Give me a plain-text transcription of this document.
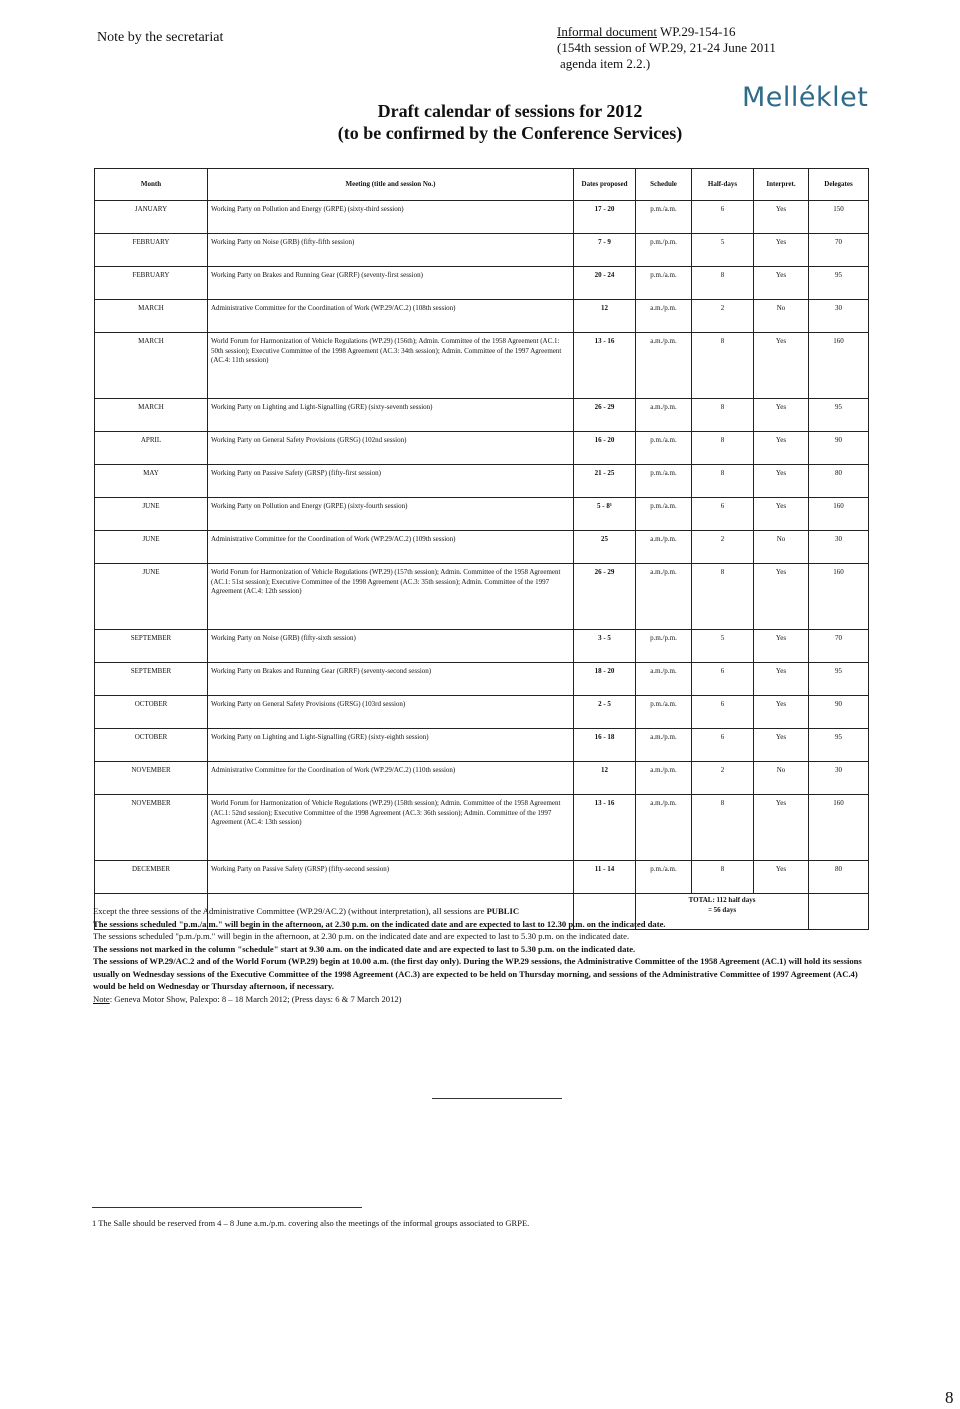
Note by the secretariat	Informal document WP.29-154-16
(154th session of WP.29, 21-24 June 2011
agenda item 2.2.)
Melléklet
Draft calendar of sessions for 2012
(to be confirmed by the Conference Services)
Month	Meeting (title and session No.)	Dates proposed	Schedule	Half-days	Interpret.	Delegates
JANUARY	Working Party on Pollution and Energy (GRPE) (sixty-third session)	17 - 20	p.m./a.m.	6	Yes	150
FEBRUARY	Working Party on Noise (GRB) (fifty-fifth session)	7 - 9	p.m./p.m.	5	Yes	70
FEBRUARY	Working Party on Brakes and Running Gear (GRRF) (seventy-first session)	20 - 24	p.m./a.m.	8	Yes	95
MARCH	Administrative Committee for the Coordination of Work (WP.29/AC.2) (108th session)	12	a.m./p.m.	2	No	30
MARCH	World Forum for Harmonization of Vehicle Regulations (WP.29) (156th); Admin. Committee of the 1958 Agreement (AC.1: 50th session); Executive Committee of the 1998 Agreement (AC.3: 34th session); Admin. Committee of the 1997 Agreement (AC.4: 11th session)	13 - 16	a.m./p.m.	8	Yes	160
MARCH	Working Party on Lighting and Light-Signalling (GRE) (sixty-seventh session)	26 - 29	a.m./p.m.	8	Yes	95
APRIL	Working Party on General Safety Provisions (GRSG) (102nd session)	16 - 20	p.m./a.m.	8	Yes	90
MAY	Working Party on Passive Safety (GRSP) (fifty-first session)	21 - 25	p.m./a.m.	8	Yes	80
JUNE	Working Party on Pollution and Energy (GRPE) (sixty-fourth session)	5 - 8¹	p.m./a.m.	6	Yes	160
JUNE	Administrative Committee for the Coordination of Work (WP.29/AC.2) (109th session)	25	a.m./p.m.	2	No	30
JUNE	World Forum for Harmonization of Vehicle Regulations (WP.29) (157th session); Admin. Committee of the 1958 Agreement (AC.1: 51st session); Executive Committee of the 1998 Agreement (AC.3: 35th session); Admin. Committee of the 1997 Agreement (AC.4: 12th session)	26 - 29	a.m./p.m.	8	Yes	160
SEPTEMBER	Working Party on Noise (GRB) (fifty-sixth session)	3 - 5	p.m./p.m.	5	Yes	70
SEPTEMBER	Working Party on Brakes and Running Gear (GRRF) (seventy-second session)	18 - 20	a.m./p.m.	6	Yes	95
OCTOBER	Working Party on General Safety Provisions (GRSG) (103rd session)	2 - 5	p.m./a.m.	6	Yes	90
OCTOBER	Working Party on Lighting and Light-Signalling (GRE) (sixty-eighth session)	16 - 18	a.m./p.m.	6	Yes	95
NOVEMBER	Administrative Committee for the Coordination of Work (WP.29/AC.2) (110th session)	12	a.m./p.m.	2	No	30
NOVEMBER	World Forum for Harmonization of Vehicle Regulations (WP.29) (158th session); Admin. Committee of the 1958 Agreement (AC.1: 52nd session); Executive Committee of the 1998 Agreement (AC.3: 36th session); Admin. Committee of the 1997 Agreement (AC.4: 13th session)	13 - 16	a.m./p.m.	8	Yes	160
DECEMBER	Working Party on Passive Safety (GRSP) (fifty-second session)	11 - 14	p.m./a.m.	8	Yes	80

			TOTAL: 112 half days
= 56 days			

Except the three sessions of the Administrative Committee (WP.29/AC.2) (without interpretation), all sessions are PUBLIC

The sessions scheduled "p.m./a.m." will begin in the afternoon, at 2.30 p.m. on the indicated date and are expected to last to 12.30 p.m. on the indicated date.

The sessions scheduled "p.m./p.m." will begin in the afternoon, at 2.30 p.m. on the indicated date and are expected to last to 5.30 p.m. on the indicated date.

The sessions not marked in the column "schedule" start at 9.30 a.m. on the indicated date and are expected to last to 5.30 p.m. on the indicated date.

The sessions of WP.29/AC.2 and of the World Forum (WP.29) begin at 10.00 a.m. (the first day only). During the WP.29 sessions, the Administrative Committee of the 1958 Agreement (AC.1) will hold its sessions usually on Wednesday sessions of the Executive Committee of the 1998 Agreement (AC.3) are expected to be held on Thursday morning, and sessions of the Administrative Committee of 1997 Agreement (AC.4) would be held on Wednesday or Thursday afternoon, if necessary.

Note: Geneva Motor Show, Palexpo: 8 – 18 March 2012; (Press days: 6 & 7 March 2012)

1 The Salle should be reserved from 4 – 8 June a.m./p.m. covering also the meetings of the informal groups associated to GRPE.
8
